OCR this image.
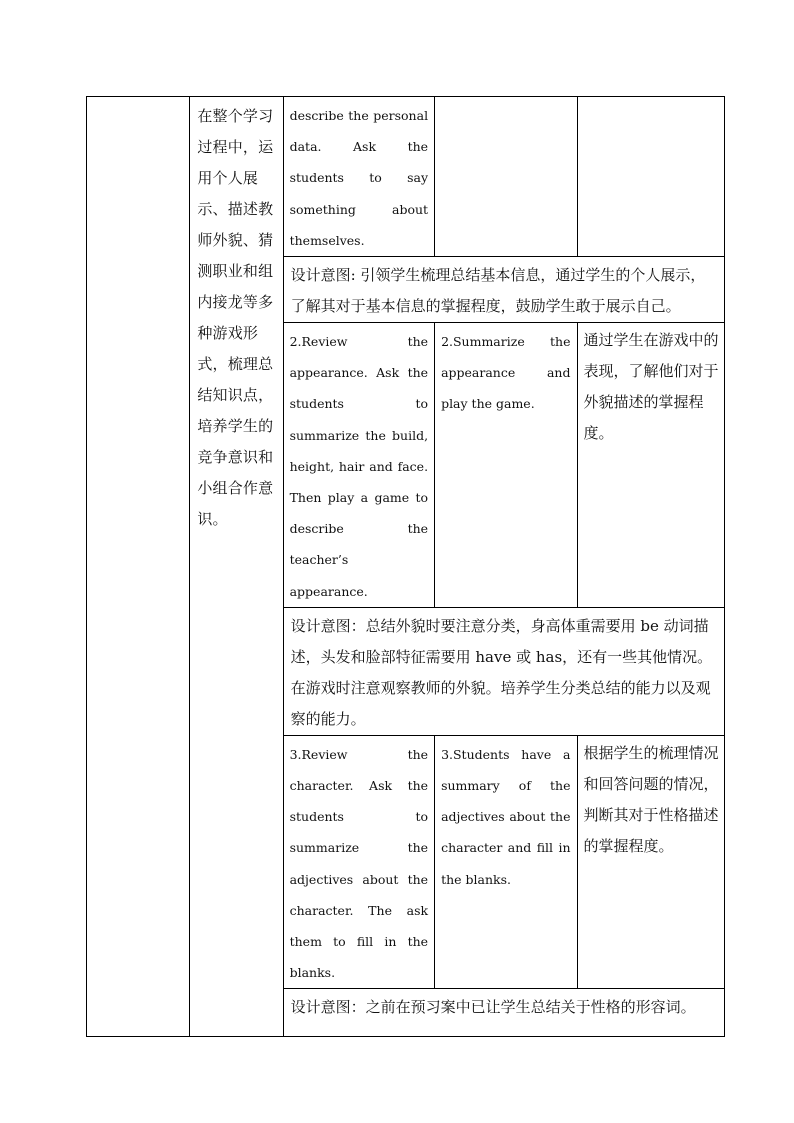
	在整个学习过程中，运用个人展示、描述教师外貌、猜测职业和组内接龙等多种游戏形式，梳理总结知识点，培养学生的竞争意识和小组合作意识。	describe the personal data. Ask the students to say something about themselves.		

		设计意图: 引领学生梳理总结基本信息，通过学生的个人展示，了解其对于基本信息的掌握程度，鼓励学生敢于展示自己。		

		2.Review the appearance. Ask the students to summarize the build, height, hair and face. Then play a game to describe the teacher’s appearance.	2.Summarize the appearance and play the game.	通过学生在游戏中的表现，了解他们对于外貌描述的掌握程度。

		设计意图：总结外貌时要注意分类，身高体重需要用 be 动词描述，头发和脸部特征需要用 have 或 has，还有一些其他情况。在游戏时注意观察教师的外貌。培养学生分类总结的能力以及观察的能力。		

		3.Review the character. Ask the students to summarize the adjectives about the character. The ask them to fill in the blanks.	3.Students have a summary of the adjectives about the character and fill in the blanks.	根据学生的梳理情况和回答问题的情况，判断其对于性格描述的掌握程度。

		设计意图：之前在预习案中已让学生总结关于性格的形容词。		
